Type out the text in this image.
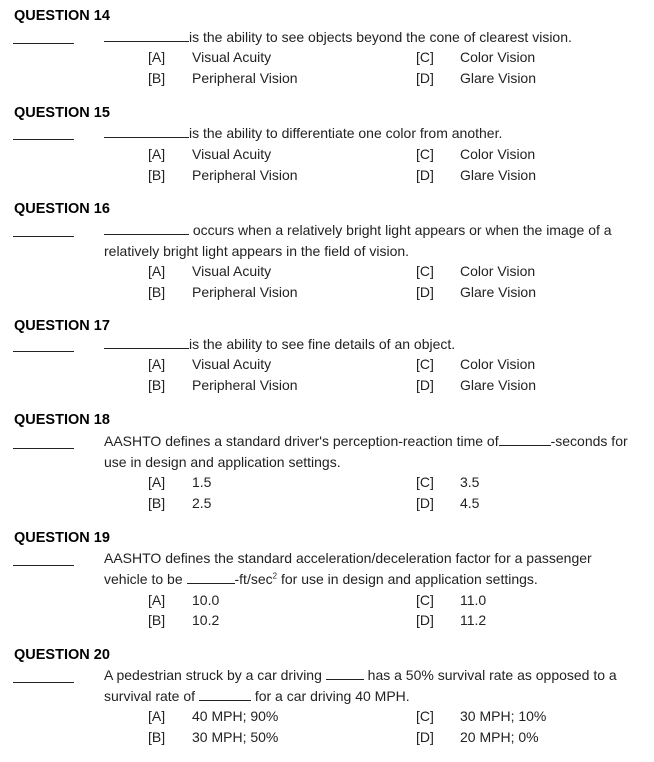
QUESTION 14
is the ability to see objects beyond the cone of clearest vision.
[A] Visual Acuity	[C] Color Vision
[B] Peripheral Vision	[D] Glare Vision
QUESTION 15
is the ability to differentiate one color from another.
[A] Visual Acuity	[C] Color Vision
[B] Peripheral Vision	[D] Glare Vision
QUESTION 16
occurs when a relatively bright light appears or when the image of a
relatively bright light appears in the field of vision.
[A] Visual Acuity	[C] Color Vision
[B] Peripheral Vision	[D] Glare Vision
QUESTION 17
is the ability to see fine details of an object.
[A] Visual Acuity	[C] Color Vision
[B] Peripheral Vision	[D] Glare Vision
QUESTION 18
AASHTO defines a standard driver's perception-reaction time of	-seconds for
use in design and application settings.
[A] 1.5	[C] 3.5
[B] 2.5	[D] 4.5
QUESTION 19
AASHTO defines the standard acceleration/deceleration factor for a passenger
vehicle to be	$-ft/\sec^2$ for use in design and application settings.
[A] 10.0	[C] 11.0
[B] 10.2	[D] 11.2
QUESTION 20
A pedestrian struck by a car driving	has a 50% survival rate as opposed to a
survival rate of	for a car driving 40 MPH.
[A] 40 MPH; 90%	[C] 30 MPH; 10%
[B] 30 MPH; 50%	[D] 20 MPH; 0%
